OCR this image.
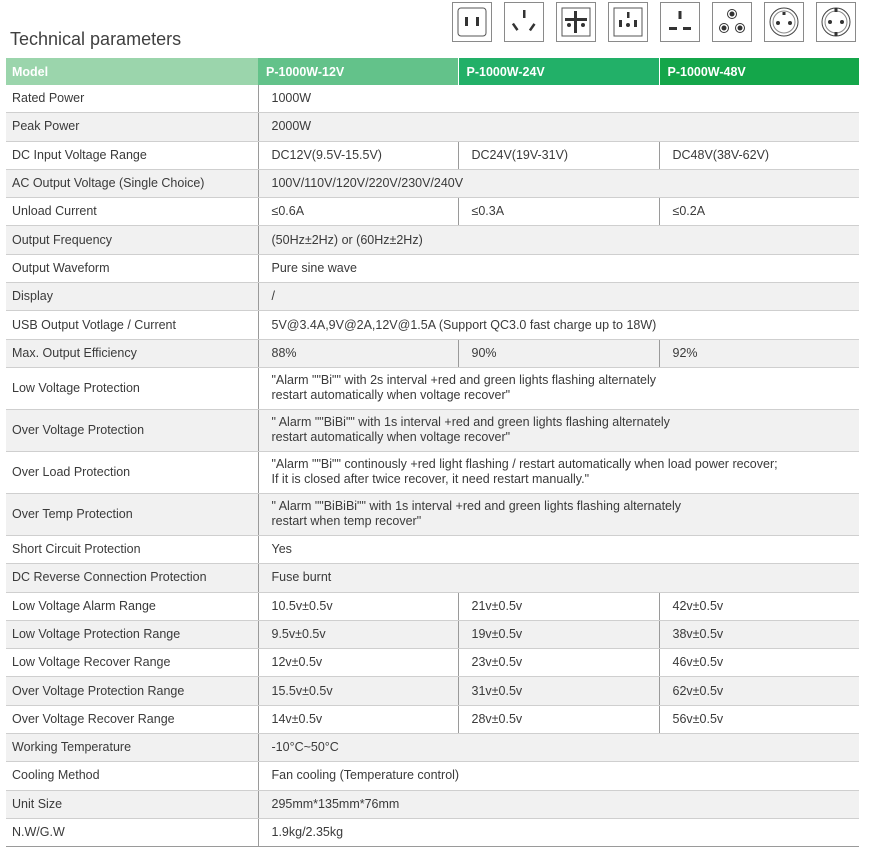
Technical parameters
Model	P-1000W-12V	P-1000W-24V	P-1000W-48V
Rated Power	1000W		
Peak Power	2000W		
DC Input Voltage Range	DC12V(9.5V-15.5V)	DC24V(19V-31V)	DC48V(38V-62V)
AC Output Voltage (Single Choice)	100V/110V/120V/220V/230V/240V		
Unload Current	≤0.6A	≤0.3A	≤0.2A
Output Frequency	(50Hz±2Hz) or (60Hz±2Hz)		
Output Waveform	Pure sine wave		
Display	/		
USB Output Votlage / Current	5V@3.4A,9V@2A,12V@1.5A (Support QC3.0 fast charge up to 18W)		
Max. Output Efficiency	88%	90%	92%
Low Voltage Protection	"Alarm ""Bi"" with 2s interval +red and green lights flashing alternately
restart automatically when voltage recover"		
Over Voltage Protection	" Alarm ""BiBi"" with 1s interval +red and green lights flashing alternately
restart automatically when voltage recover"		
Over Load Protection	"Alarm ""Bi"" continously +red light flashing / restart automatically when load power recover;
If it is closed after twice recover, it need restart manually."		
Over Temp Protection	" Alarm ""BiBiBi"" with 1s interval +red and green lights flashing alternately
restart when temp recover"		
Short Circuit Protection	Yes		
DC Reverse Connection Protection	Fuse burnt		
Low Voltage Alarm Range	10.5v±0.5v	21v±0.5v	42v±0.5v
Low Voltage Protection Range	9.5v±0.5v	19v±0.5v	38v±0.5v
Low Voltage Recover Range	12v±0.5v	23v±0.5v	46v±0.5v
Over Voltage Protection Range	15.5v±0.5v	31v±0.5v	62v±0.5v
Over Voltage Recover Range	14v±0.5v	28v±0.5v	56v±0.5v
Working Temperature	-10°C~50°C		
Cooling Method	Fan cooling (Temperature control)		
Unit Size	295mm*135mm*76mm		
N.W/G.W	1.9kg/2.35kg		
